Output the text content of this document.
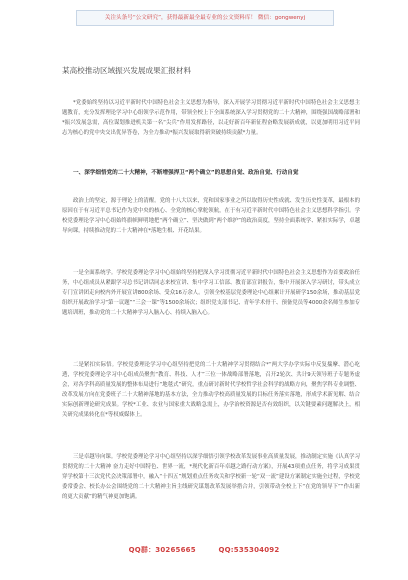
关注头条号“公文研究”，获得最新最全最专业的公文资料库！ 微信：gongwenyj
某高校推动区域振兴发展成果汇报材料
*党委始终坚持以习近平新时代中国特色社会主义思想为指导，深入开展学习贯彻习近平新时代中国特色社会主义思想主题教育，充分发挥理论学习中心组领学示范作用，带领全校上下全面系统深入学习贯彻党的二十大精神，围绕强国战略部署和*振兴发展急需，高位谋划推进机关第一名“尖兵”作用发挥路径，以走好新百年新征程奋略发展新成就，以更加明用习近平同志为核心的党中央交出优异答卷，为全力推动*振兴发展取得新突破持续贡献*力量。
一、深学细悟党的二十大精神，不断增强捍卫“两个确立”的思想自觉、政治自觉、行动自觉
政治上的坚定，源于理论上的清醒。党的十八大以来，党和国家事业之所以取得历史性成就、发生历史性变革，最根本的原因在于有习近平总书记作为党中央的核心、全党的核心掌舵领航，在于有习近平新时代中国特色社会主义思想科学指引。学校党委理论学习中心组始终旗帜鲜明地把“两个确立”、坚决做到“两个维护”的政治高度，坚持全面系统学、紧扣实际学，卓越导向课，持续推动党的二十大精神在*落地生根、开花结果。
一是全面系统学。学校党委理论学习中心组始终坚持把深入学习贯彻习近平新时代中国特色社会主义思想作为首要政治任务，中心组成员从紧跟学习总书记讲话同志来校宣讲、集中学习工信部、教育部宣讲报告，集中开展深入学习研讨，带头成立专门宣讲团走向校内外开展宣讲800余场、受众16万余人。引领全校基层党委理论中心组累计开展研学150余场，推动基层党组织开展政治学习“第一议题”“三会一课”等1500余场次；组织党支部书记、青年学术骨干、预备党员等4000余名师生参加专题培训班，推动党的二十大精神学习入脑入心、持续入脑入心。
二是紧扣实际悟。学校党委理论学习中心组坚持把党的二十大精神学习贯彻结合*“两大学办学实际中反复揣摩、潜心吃透，学校党委理论学习中心组成员聚焦“教育、科技、人才”三位一体战略部署落地，召开2轮次、共计9天领导班子专题务虚会，对各学科高质量发展的整体布局进行“地毯式”研究，重点研讨新时代学校哲学社会科学的战略方向，聚焦学科专业调整、改革发展方向在党委班子二十大精神落地的基本方法，全力推动学校高质量发展的目标任务落实落地，形成学术新见解、结合实际创新理论研究成果。学校*工业、农业与国家重大战略急需上，办学治校资源是否有效组织，以关键要素问题解决上，相关研究成果转化在*等权威媒体上。
三是卓越导向课。学校党委理论学习中心组坚持以深学细悟引领学校改革发展事业高质量发展，推动制定实施《认真学习贯彻党的二十大精神 奋力走好中国特色、世界一流，*现代化新百年卓越之路行动方案》，开展43项重点任务，将学习成果贯穿学校第十三次党代会决策部署中，融入“十四五”规划重点任务攻关和学校新一轮“双一流”建设方案制定实施全过程，学校党委常委会、校长办公会围绕党的二十大精神主旨主线研究谋划改革发展举措合并，引领带动全校上下“在党的领导下”“作出新的更大贡献”的精气神更加饱满。
QQ群：30265665	QQ:535304092
